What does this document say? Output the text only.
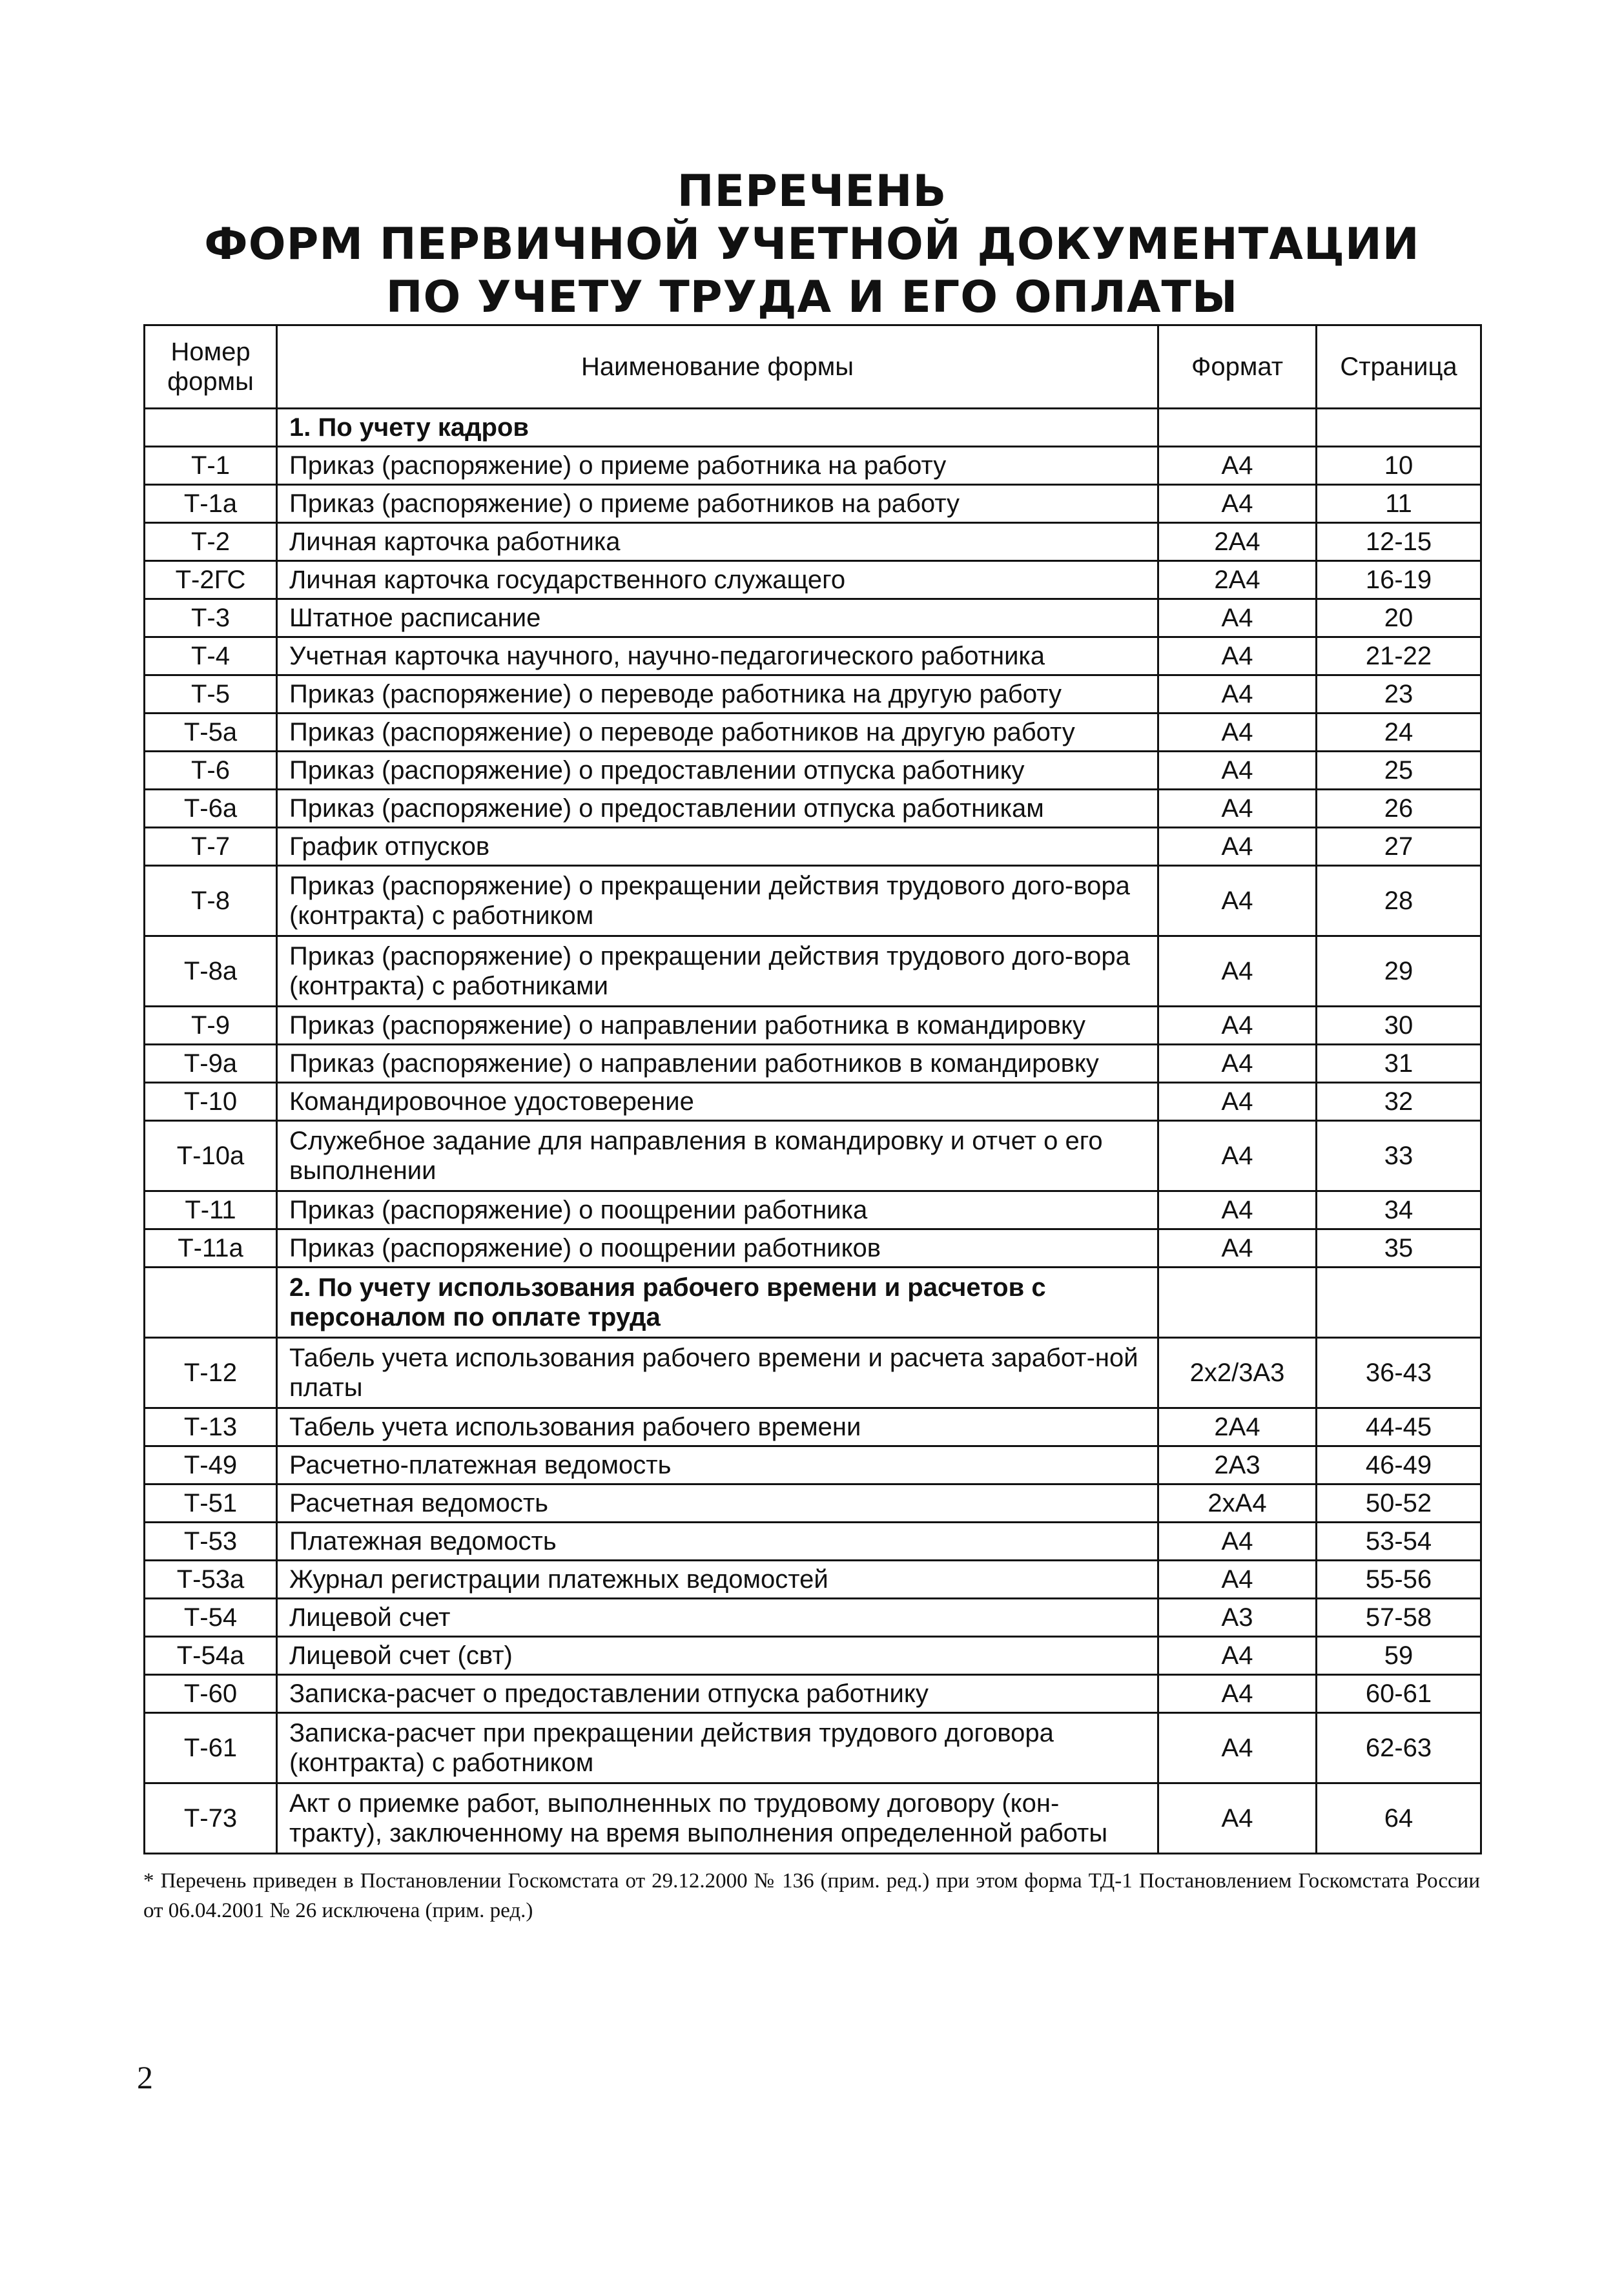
ПЕРЕЧЕНЬ
ФОРМ ПЕРВИЧНОЙ УЧЕТНОЙ ДОКУМЕНТАЦИИ
ПО УЧЕТУ ТРУДА И ЕГО ОПЛАТЫ
Номер формы	Наименование формы	Формат	Страница
	1. По учету кадров		
Т-1	Приказ (распоряжение) о приеме работника на работу	А4	10
Т-1а	Приказ (распоряжение) о приеме работников на работу	А4	11
Т-2	Личная карточка работника	2А4	12-15
Т-2ГС	Личная карточка государственного служащего	2А4	16-19
Т-3	Штатное расписание	А4	20
Т-4	Учетная карточка научного, научно-педагогического работника	А4	21-22
Т-5	Приказ (распоряжение) о переводе работника на другую работу	А4	23
Т-5а	Приказ (распоряжение) о переводе работников на другую работу	А4	24
Т-6	Приказ (распоряжение) о предоставлении отпуска работнику	А4	25
Т-6а	Приказ (распоряжение) о предоставлении отпуска работникам	А4	26
Т-7	График отпусков	А4	27
Т-8	Приказ (распоряжение) о прекращении действия трудового дого-вора (контракта) с работником	А4	28
Т-8а	Приказ (распоряжение) о прекращении действия трудового дого-вора (контракта) с работниками	А4	29
Т-9	Приказ (распоряжение) о направлении работника в командировку	А4	30
Т-9а	Приказ (распоряжение) о направлении работников в командировку	А4	31
Т-10	Командировочное удостоверение	А4	32
Т-10а	Служебное задание для направления в командировку и отчет о его выполнении	А4	33
Т-11	Приказ (распоряжение) о поощрении работника	А4	34
Т-11а	Приказ (распоряжение) о поощрении работников	А4	35
	2. По учету использования рабочего времени и расчетов с персоналом по оплате труда		
Т-12	Табель учета использования рабочего времени и расчета заработ-ной платы	2х2/3А3	36-43
Т-13	Табель учета использования рабочего времени	2А4	44-45
Т-49	Расчетно-платежная ведомость	2А3	46-49
Т-51	Расчетная ведомость	2хА4	50-52
Т-53	Платежная ведомость	А4	53-54
Т-53а	Журнал регистрации платежных ведомостей	А4	55-56
Т-54	Лицевой счет	А3	57-58
Т-54а	Лицевой счет (свт)	А4	59
Т-60	Записка-расчет о предоставлении отпуска работнику	А4	60-61
Т-61	Записка-расчет при прекращении действия трудового договора (контракта) с работником	А4	62-63
Т-73	Акт о приемке работ, выполненных по трудовому договору (кон-тракту), заключенному на время выполнения определенной работы	А4	64
* Перечень приведен в Постановлении Госкомстата от 29.12.2000 № 136 (прим. ред.) при этом форма ТД-1 Постановлением Госкомстата России от 06.04.2001 № 26 исключена (прим. ред.)
2
